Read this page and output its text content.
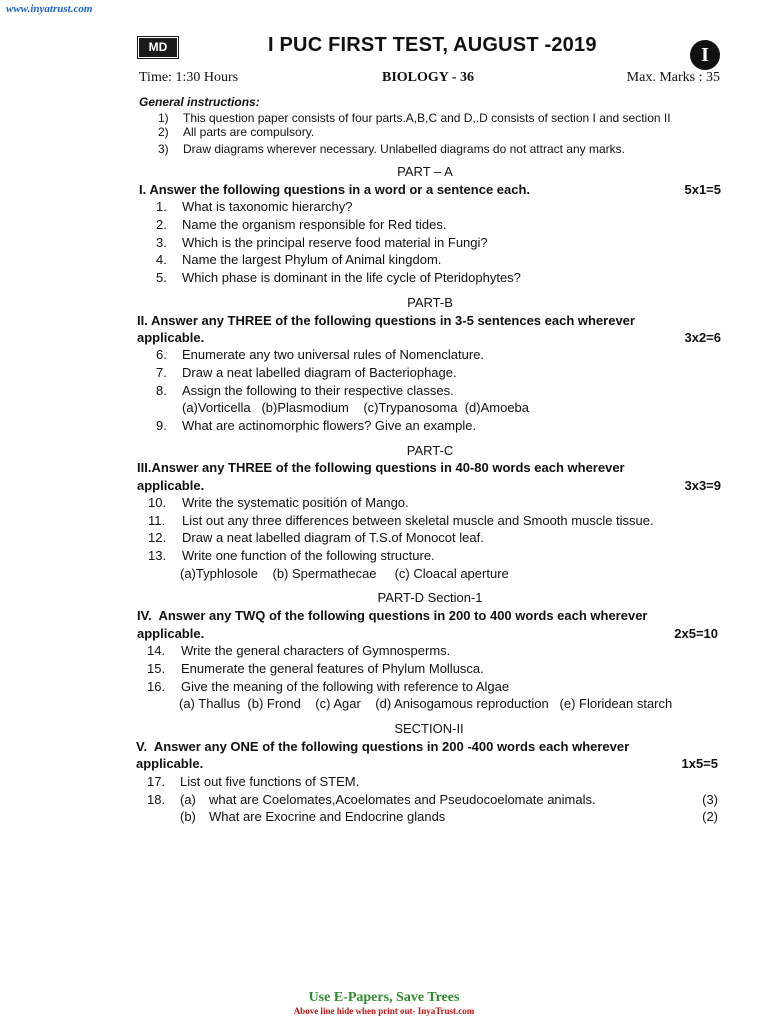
www.inyatrust.com
MD	I PUC FIRST TEST, AUGUST -2019	I
Time: 1:30 Hours	BIOLOGY - 36	Max. Marks : 35
General instructions:
1) This question paper consists of four parts.A,B,C and D,.D consists of section I and section II
2) All parts are compulsory.
3) Draw diagrams wherever necessary. Unlabelled diagrams do not attract any marks.
PART – A
I. Answer the following questions in a word or a sentence each.	5x1=5
1. What is taxonomic hierarchy?
2. Name the organism responsible for Red tides.
3. Which is the principal reserve food material in Fungi?
4. Name the largest Phylum of Animal kingdom.
5. Which phase is dominant in the life cycle of Pteridophytes?
PART-B
II. Answer any THREE of the following questions in 3-5 sentences each wherever
applicable.	3x2=6
6. Enumerate any two universal rules of Nomenclature.
7. Draw a neat labelled diagram of Bacteriophage.
8. Assign the following to their respective classes.
(a)Vorticella   (b)Plasmodium    (c)Trypanosoma  (d)Amoeba
9. What are actinomorphic flowers? Give an example.
PART-C
III.Answer any THREE of the following questions in 40-80 words each wherever
applicable.	3x3=9
10. Write the systematic positión of Mango.
11. List out any three differences between skeletal muscle and Smooth muscle tissue.
12. Draw a neat labelled diagram of T.S.of Monocot leaf.
13. Write one function of the following structure.
(a)Typhlosole    (b) Spermathecae     (c) Cloacal aperture
PART-D Section-1
IV.  Answer any TWQ of the following questions in 200 to 400 words each wherever
applicable.	2x5=10
14. Write the general characters of Gymnosperms.
15. Enumerate the general features of Phylum Mollusca.
16. Give the meaning of the following with reference to Algae
(a) Thallus  (b) Frond    (c) Agar    (d) Anisogamous reproduction   (e) Floridean starch
SECTION-II
V.  Answer any ONE of the following questions in 200 -400 words each wherever
applicable.	1x5=5
17. List out five functions of STEM.
18. (a) what are Coelomates,Acoelomates and Pseudocoelomate animals.	(3)
(b) What are Exocrine and Endocrine glands	(2)
Use E-Papers, Save Trees
Above line hide when print out- InyaTrust.com
